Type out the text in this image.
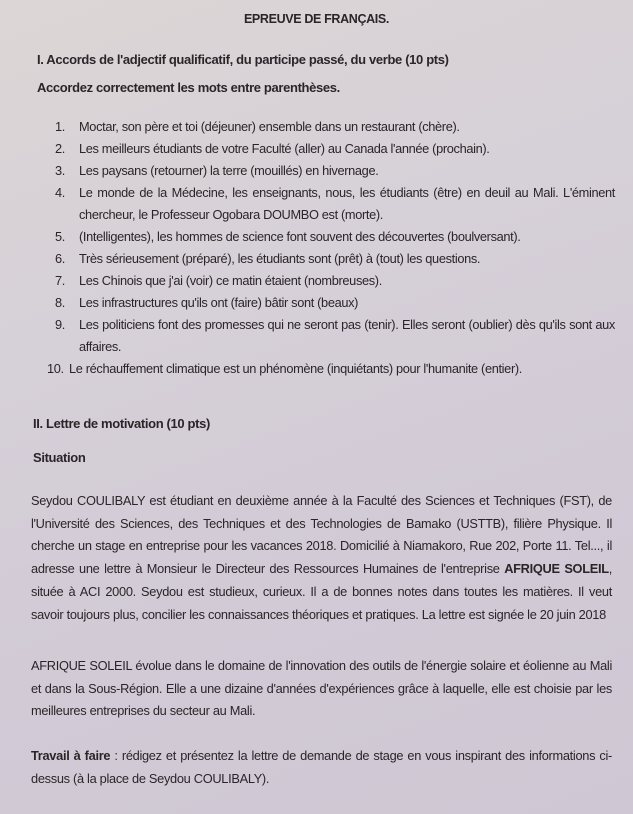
EPREUVE DE FRANÇAIS.
I. Accords de l'adjectif qualificatif, du participe passé, du verbe (10 pts)
Accordez correctement les mots entre parenthèses.
1. Moctar, son père et toi (déjeuner) ensemble dans un restaurant (chère).
2. Les meilleurs étudiants de votre Faculté (aller) au Canada l'année (prochain).
3. Les paysans (retourner) la terre (mouillés) en hivernage.
4. Le monde de la Médecine, les enseignants, nous, les étudiants (être) en deuil au Mali. L'éminent chercheur, le Professeur Ogobara DOUMBO est (morte).
5. (Intelligentes), les hommes de science font souvent des découvertes (boulversant).
6. Très sérieusement (préparé), les étudiants sont (prêt) à (tout) les questions.
7. Les Chinois que j'ai (voir) ce matin étaient (nombreuses).
8. Les infrastructures qu'ils ont (faire) bâtir sont (beaux)
9. Les politiciens font des promesses qui ne seront pas (tenir). Elles seront (oublier) dès qu'ils sont aux affaires.
10. Le réchauffement climatique est un phénomène (inquiétants) pour l'humanite (entier).
II. Lettre de motivation (10 pts)
Situation
Seydou COULIBALY est étudiant en deuxième année à la Faculté des Sciences et Techniques (FST), de l'Université des Sciences, des Techniques et des Technologies de Bamako (USTTB), filière Physique. Il cherche un stage en entreprise pour les vacances 2018. Domicilié à Niamakoro, Rue 202, Porte 11. Tel..., il adresse une lettre à Monsieur le Directeur des Ressources Humaines de l'entreprise AFRIQUE SOLEIL, située à ACI 2000. Seydou est studieux, curieux. Il a de bonnes notes dans toutes les matières. Il veut savoir toujours plus, concilier les connaissances théoriques et pratiques. La lettre est signée le 20 juin 2018
AFRIQUE SOLEIL évolue dans le domaine de l'innovation des outils de l'énergie solaire et éolienne au Mali et dans la Sous-Région. Elle a une dizaine d'années d'expériences grâce à laquelle, elle est choisie par les meilleures entreprises du secteur au Mali.
Travail à faire : rédigez et présentez la lettre de demande de stage en vous inspirant des informations ci-dessus (à la place de Seydou COULIBALY).
